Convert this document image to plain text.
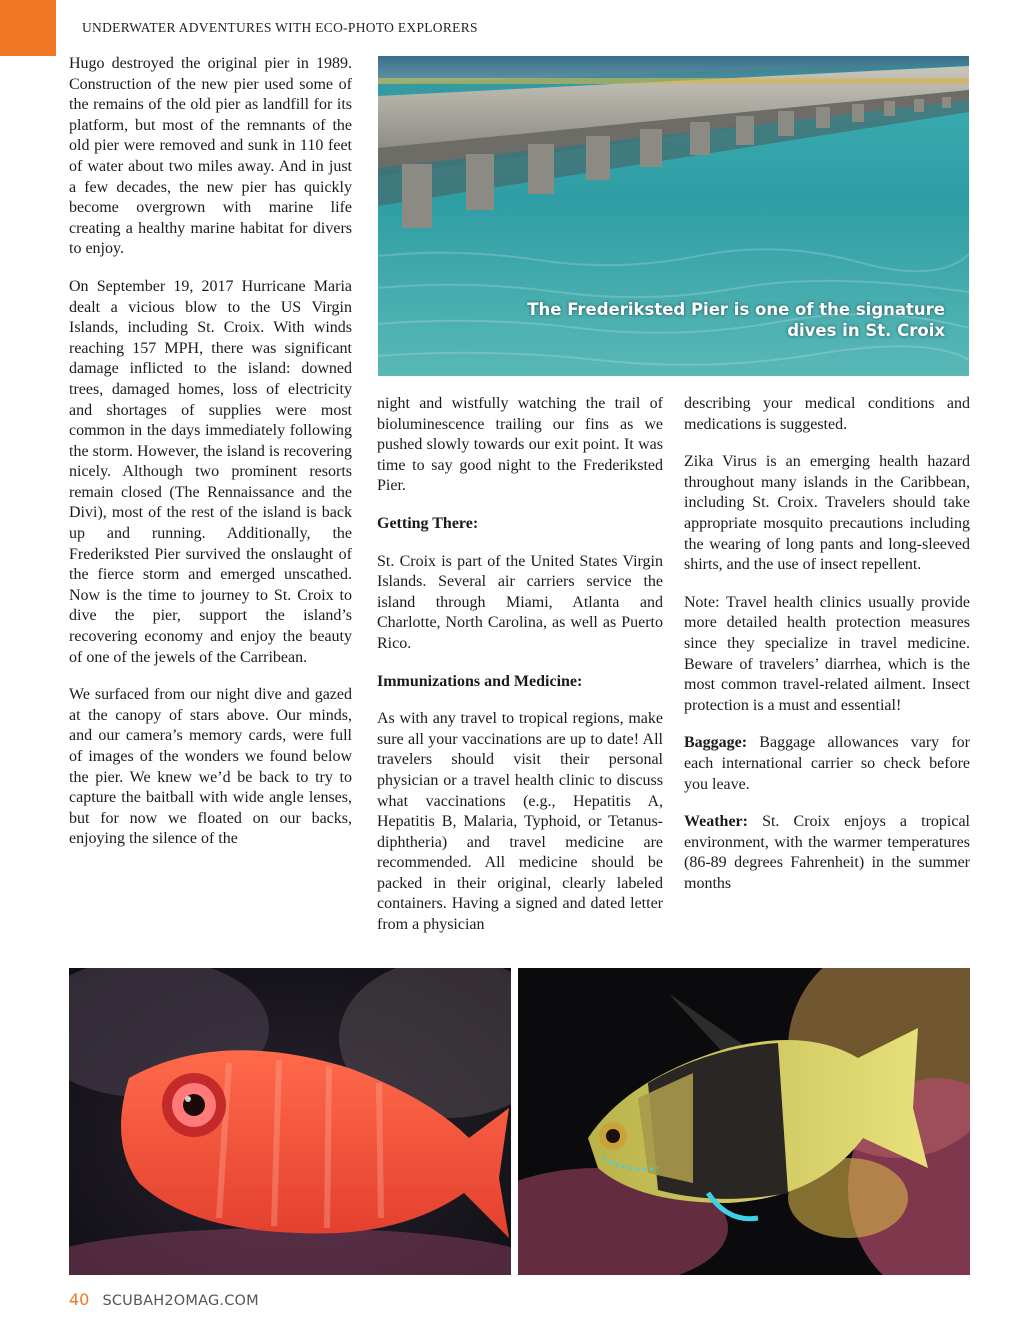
UNDERWATER ADVENTURES WITH ECO-PHOTO EXPLORERS

Hugo destroyed the original pier in 1989. Construction of the new pier used some of the remains of the old pier as landfill for its platform, but most of the remnants of the old pier were removed and sunk in 110 feet of water about two miles away. And in just a few decades, the new pier has quickly become overgrown with marine life creating a healthy marine habitat for divers to enjoy.

On September 19, 2017 Hurricane Maria dealt a vicious blow to the US Virgin Islands, including St. Croix. With winds reaching 157 MPH, there was significant damage inflicted to the island: downed trees, damaged homes, loss of electricity and shortages of supplies were most common in the days immediately following the storm. However, the island is recovering nicely. Although two prominent resorts remain closed (The Rennaissance and the Divi), most of the rest of the island is back up and running. Additionally, the Frederiksted Pier survived the onslaught of the fierce storm and emerged unscathed. Now is the time to journey to St. Croix to dive the pier, support the island’s recovering economy and enjoy the beauty of one of the jewels of the Carribean.

We surfaced from our night dive and gazed at the canopy of stars above. Our minds, and our camera’s memory cards, were full of images of the wonders we found below the pier. We knew we’d be back to try to capture the baitball with wide angle lenses, but for now we floated on our backs, enjoying the silence of the

The Frederiksted Pier is one of the signature dives in St. Croix

night and wistfully watching the trail of bioluminescence trailing our fins as we pushed slowly towards our exit point. It was time to say good night to the Frederiksted Pier.

Getting There:

St. Croix is part of the United States Virgin Islands. Several air carriers service the island through Miami, Atlanta and Charlotte, North Carolina, as well as Puerto Rico.

Immunizations and Medicine:

As with any travel to tropical regions, make sure all your vaccinations are up to date! All travelers should visit their personal physician or a travel health clinic to discuss what vaccinations (e.g., Hepatitis A, Hepatitis B, Malaria, Typhoid, or Tetanus-diphtheria) and travel medicine are recommended. All medicine should be packed in their original, clearly labeled containers. Having a signed and dated letter from a physician

describing your medical conditions and medications is suggested.

Zika Virus is an emerging health hazard throughout many islands in the Caribbean, including St. Croix. Travelers should take appropriate mosquito precautions including the wearing of long pants and long-sleeved shirts, and the use of insect repellent.

Note: Travel health clinics usually provide more detailed health protection measures since they specialize in travel medicine. Beware of travelers’ diarrhea, which is the most common travel-related ailment. Insect protection is a must and essential!

Baggage: Baggage allowances vary for each international carrier so check before you leave.

Weather: St. Croix enjoys a tropical environment, with the warmer temperatures (86-89 degrees Fahrenheit) in the summer months

40 SCUBAH2OMAG.COM
